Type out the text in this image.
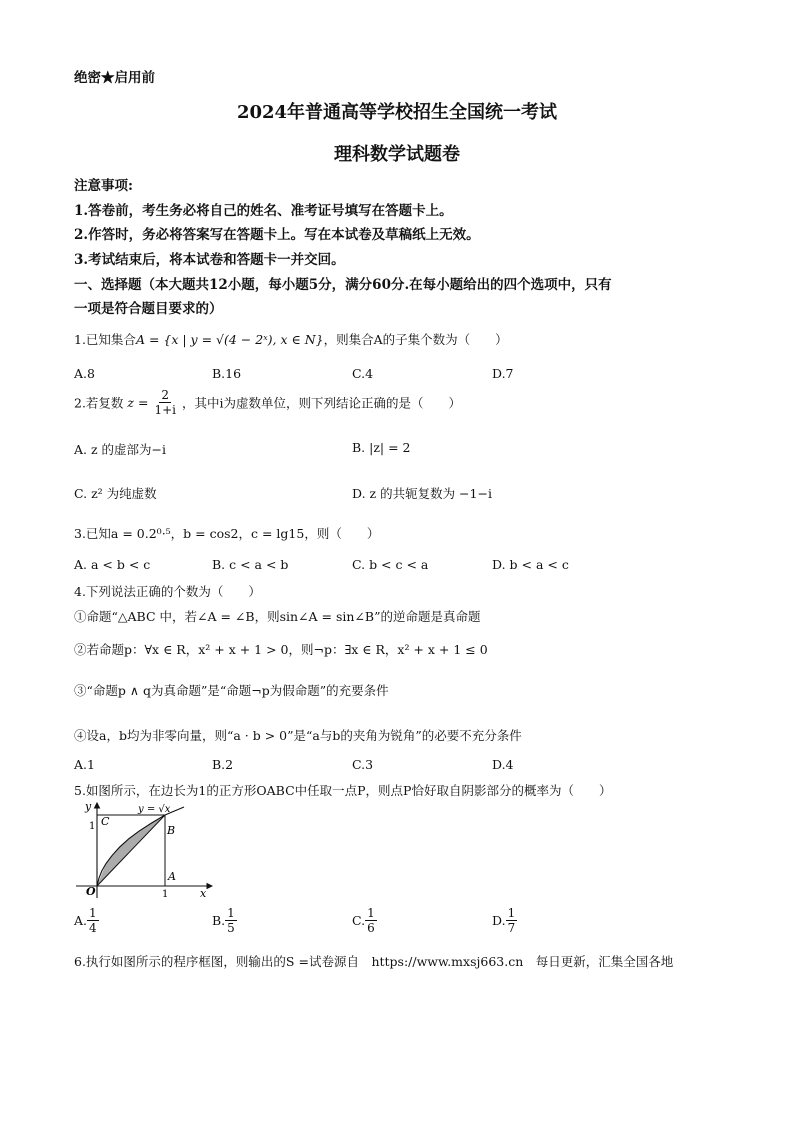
绝密★启用前
2024年普通高等学校招生全国统一考试
理科数学试题卷
注意事项:
1.答卷前，考生务必将自己的姓名、准考证号填写在答题卡上。
2.作答时，务必将答案写在答题卡上。写在本试卷及草稿纸上无效。
3.考试结束后，将本试卷和答题卡一并交回。
一、选择题（本大题共12小题，每小题5分，满分60分.在每小题给出的四个选项中，只有
一项是符合题目要求的）
1.已知集合A = {x | y = √(4 − 2ˣ), x ∈ N}，则集合A的子集个数为（　　）
A.8	B.16	C.4	D.7
2.若复数 $z = \frac{2}{1+i}$ ，其中i为虚数单位，则下列结论正确的是（　　）
A. z 的虚部为−i	B. |z| = 2
C. z² 为纯虚数	D. z 的共轭复数为 −1−i
3.已知a = 0.2⁰·⁵，b = cos2，c = lg15，则（　　）
A. a < b < c	B. c < a < b	C. b < c < a	D. b < a < c
4.下列说法正确的个数为（　　）
①命题“△ABC 中，若∠A = ∠B，则sin∠A = sin∠B”的逆命题是真命题
②若命题p：∀x ∈ R，x² + x + 1 > 0，则¬p：∃x ∈ R，x² + x + 1 ≤ 0
③“命题p ∧ q为真命题”是“命题¬p为假命题”的充要条件
④设a，b均为非零向量，则“a · b > 0”是“a与b的夹角为锐角”的必要不充分条件
A.1	B.2	C.3	D.4
5.如图所示，在边长为1的正方形OABC中任取一点P，则点P恰好取自阴影部分的概率为（　　）
y
x
1
1
O
A
B
C
y = √x
A. $\frac{1}{4}$	B. $\frac{1}{5}$	C. $\frac{1}{6}$	D. $\frac{1}{7}$
6.执行如图所示的程序框图，则输出的S =试卷源自　https://www.mxsj663.cn　每日更新，汇集全国各地
